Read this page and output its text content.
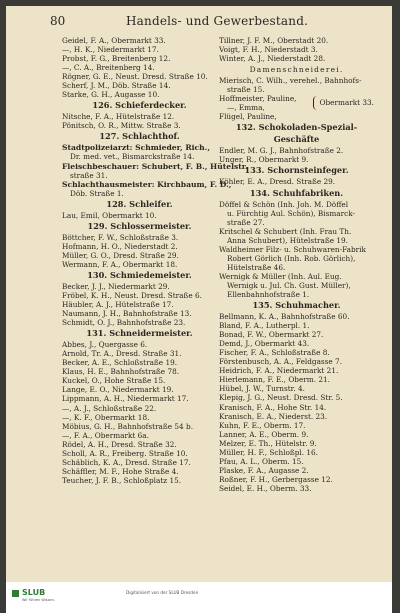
80	Handels- und Gewerbestand.
Geidel, F. A., Obermarkt 33.
—, H. K., Niedermarkt 17.
Probst, F. G., Breitenberg 12.
—, C. A., Breitenberg 14.
Rögner, G. E., Neust. Dresd. Straße 10.
Scherf, J. M., Döb. Straße 14.
Starke, G. H., Augasse 10.
126. Schieferdecker.
Nitsche, F. A., Hütelstraße 12.
Pönitsch, O. R., Mittw. Straße 3.
127. Schlachthof.
Stadtpolizeiarzt: Schmieder, Rich.,
Dr. med. vet., Bismarckstraße 14.
Fleischbeschauer: Schubert, F. B., Hütelstr.
straße 31.
Schlachthausmeister: Kirchbaum, F. D.,
Döb. Straße 1.
128. Schleifer.
Lau, Emil, Obermarkt 10.
129. Schlossermeister.
Böttcher, F. W., Schloßstraße 3.
Hofmann, H. O., Niederstadt 2.
Müller, G. O., Dresd. Straße 29.
Wermann, F. A., Obermarkt 18.
130. Schmiedemeister.
Becker, J. J., Niedermarkt 29.
Fröbel, K. H., Neust. Dresd. Straße 6.
Häubler, A. J., Hütelstraße 17.
Naumann, J. H., Bahnhofstraße 13.
Schmidt, O. J., Bahnhofstraße 23.
131. Schneidermeister.
Abbes, J., Quergasse 6.
Arnold, Tr. A., Dresd. Straße 31.
Becker, A. E., Schloßstraße 19.
Klaus, H. E., Bahnhofstraße 78.
Kuckel, O., Hohe Straße 15.
Lange, E. O., Niedermarkt 19.
Lippmann, A. H., Niedermarkt 17.
—, A. J., Schloßstraße 22.
—, K. F., Obermarkt 18.
Möbius, G. H., Bahnhofstraße 54 b.
—, F. A., Obermarkt 6a.
Rödel, A. H., Dresd. Straße 32.
Scholl, A. R., Freiberg. Straße 10.
Schäblich, K. A., Dresd. Straße 17.
Schäffler, M. F., Hohe Straße 4.
Teucher, J. F. B., Schloßplatz 15.
Tillner, J. F. M., Oberstadt 20.
Voigt, F. H., Niederstadt 3.
Winter, A. J., Niederstadt 28.
Damenschneiderei.
Mierisch, C. Wilh., verehel., Bahnhofs-
straße 15.
Hoffmeister, Pauline,
—, Emma,
Obermarkt 33.
Flügel, Pauline,
132. Schokoladen-Spezial-
Geschäfte
Endler, M. G. J., Bahnhofstraße 2.
Unger, R., Obermarkt 9.
133. Schornsteinfeger.
Köhler, E. A., Dresd. Straße 29.
134. Schuhfabriken.
Döffel & Schön (Inh. Joh. M. Döffel
u. Fürchtig Aul. Schön), Bismarck-
straße 27.
Kritschel & Schubert (Inh. Frau Th.
Anna Schubert), Hütelstraße 19.
Waldheimer Filz- u. Schuhwaren-Fabrik
Robert Görlich (Inh. Rob. Görlich),
Hütelstraße 46.
Wernigk & Müller (Inh. Aul. Eug.
Wernigk u. Jul. Ch. Gust. Müller),
Ellenbahnhofstraße 1.
135. Schuhmacher.
Bellmann, K. A., Bahnhofstraße 60.
Bland, F. A., Lutherpl. 1.
Bonad, F. W., Obermarkt 27.
Demd, J., Obermarkt 43.
Fischer, F. A., Schloßstraße 8.
Förstenbusch, A. A., Feldgasse 7.
Heidrich, F. A., Niedermarkt 21.
Hierlemann, F. E., Oberm. 21.
Hübel, J. W., Turnstr. 4.
Klepig, J. G., Neust. Dresd. Str. 5.
Kranisch, F. A., Hohe Str. 14.
Kranisch, E. A., Niederst. 23.
Kuhn, F. E., Oberm. 17.
Lanner, A. E., Oberm. 9.
Melzer, E. Th., Hütelstr. 9.
Müller, H. F., Schloßpl. 16.
Pfau, A. L., Oberm. 15.
Plaske, F. A., Augasse 2.
Roßner, F. H., Gerbergasse 12.
Seidel, E. H., Oberm. 33.
SLUB
Wir führen Wissen.
Digitalisiert von der SLUB Dresden
